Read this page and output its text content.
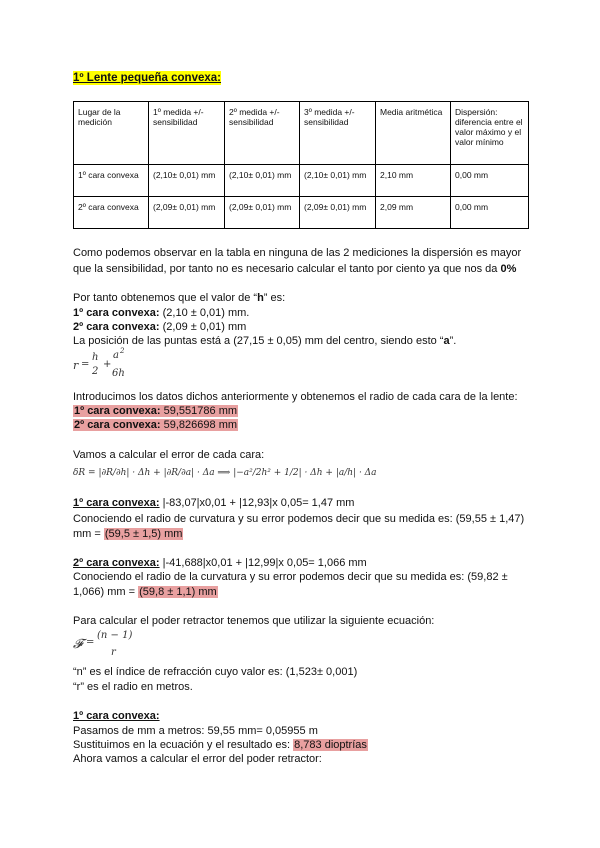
1º Lente pequeña convexa:
Lugar de la medición	1º medida +/- sensibilidad	2º medida +/- sensibilidad	3º medida +/- sensibilidad	Media aritmética	Dispersión: diferencia entre el valor máximo y el valor mínimo
1º cara convexa	(2,10± 0,01) mm	(2,10± 0,01) mm	(2,10± 0,01) mm	2,10 mm	0,00 mm
2º cara convexa	(2,09± 0,01) mm	(2,09± 0,01) mm	(2,09± 0,01) mm	2,09 mm	0,00 mm
Como podemos observar en la tabla en ninguna de las 2 mediciones la dispersión es mayor
que la sensibilidad, por tanto no es necesario calcular el tanto por ciento ya que nos da 0%
Por tanto obtenemos que el valor de “h” es:
1º cara convexa: (2,10 ± 0,01) mm.
2º cara convexa: (2,09 ± 0,01) mm
La posición de las puntas está a (27,15 ± 0,05) mm del centro, siendo esto “a”.
r =
h
2
+
a 2
6h
Introducimos los datos dichos anteriormente y obtenemos el radio de cada cara de la lente:
1º cara convexa: 59,551786 mm
2º cara convexa: 59,826698 mm
Vamos a calcular el error de cada cara:
δR = |∂R/∂h| · Δh + |∂R/∂a| · Δa ⟹ |−a²/2h² + 1/2| · Δh + |a/h| · Δa
1º cara convexa: |-83,07|x0,01 + |12,93|x 0,05= 1,47 mm
Conociendo el radio de curvatura y su error podemos decir que su medida es: (59,55 ± 1,47)
mm = (59,5 ± 1,5) mm
2º cara convexa: |-41,688|x0,01 + |12,99|x 0,05= 1,066 mm
Conociendo el radio de la curvatura y su error podemos decir que su medida es: (59,82 ±
1,066) mm = (59,8 ± 1,1) mm
Para calcular el poder retractor tenemos que utilizar la siguiente ecuación:
𝓕 =
(n − 1)
r
“n” es el índice de refracción cuyo valor es: (1,523± 0,001)
“r” es el radio en metros.
1º cara convexa:
Pasamos de mm a metros: 59,55 mm= 0,05955 m
Sustituimos en la ecuación y el resultado es: 8,783 dioptrías
Ahora vamos a calcular el error del poder retractor:
